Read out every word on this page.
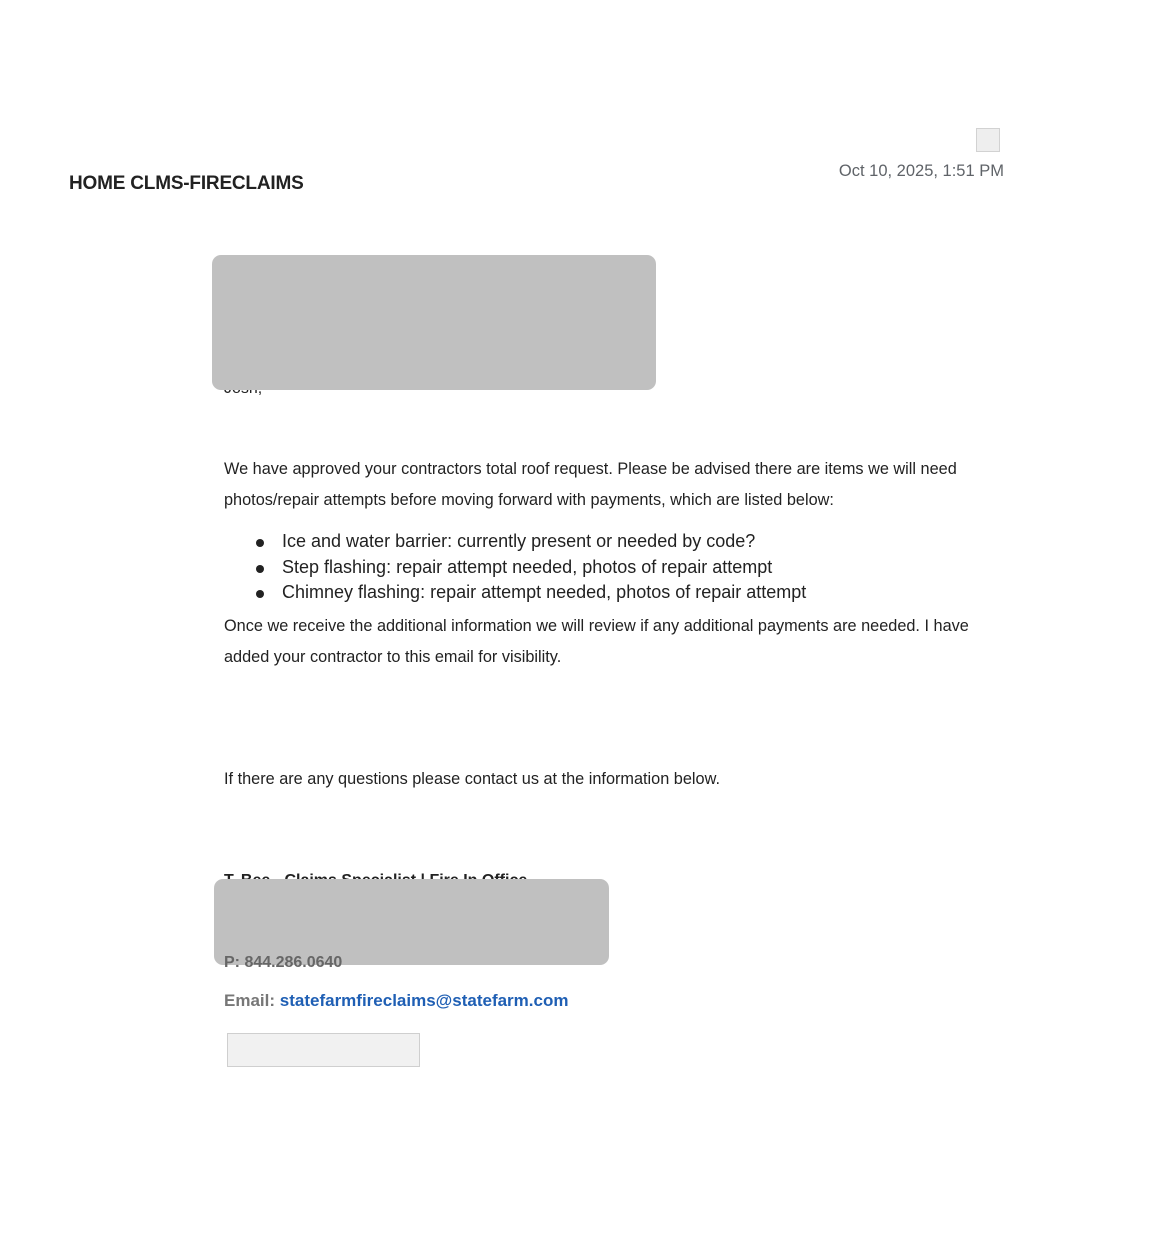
HOME CLMS-FIRECLAIMS
Oct 10, 2025, 1:51 PM
We have approved your contractors total roof request. Please be advised there are items we will need photos/repair attempts before moving forward with payments, which are listed below:
Ice and water barrier: currently present or needed by code?
Step flashing: repair attempt needed, photos of repair attempt
Chimney flashing: repair attempt needed, photos of repair attempt
Once we receive the additional information we will review if any additional payments are needed. I have added your contractor to this email for visibility.
If there are any questions please contact us at the information below.
P: 844.286.0640
Email: statefarmfireclaims@statefarm.com
